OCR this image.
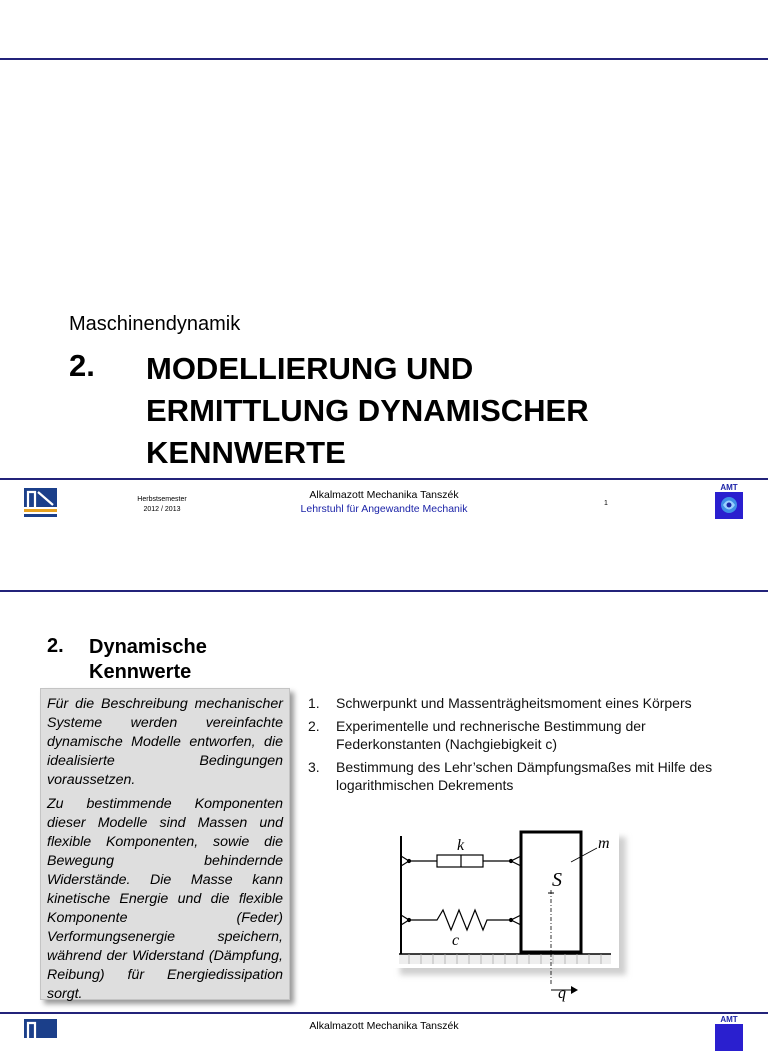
Maschinendynamik
2. MODELLIERUNG UND
ERMITTLUNG DYNAMISCHER
KENNWERTE
Herbstsemester
2012 / 2013
Alkalmazott Mechanika Tanszék
Lehrstuhl für Angewandte Mechanik	1
AMT
2. Dynamische
Kennwerte

Für die Beschreibung mechanischer Systeme werden vereinfachte dynamische Modelle entworfen, die idealisierte Bedingungen voraussetzen.

Zu bestimmende Komponenten dieser Modelle sind Massen und flexible Komponenten, sowie die Bewegung behindernde Widerstände. Die Masse kann kinetische Energie und die flexible Komponente (Feder) Verformungsenergie speichern, während der Widerstand (Dämpfung, Reibung) für Energiedissipation sorgt.

1. Schwerpunkt und Massenträgheitsmoment eines Körpers
2. Experimentelle und rechnerische Bestimmung der Federkonstanten (Nachgiebigkeit c)
3. Bestimmung des Lehr’schen Dämpfungsmaßes mit Hilfe des logarithmischen Dekrements
k
c
m
S
q
Alkalmazott Mechanika Tanszék
AMT
